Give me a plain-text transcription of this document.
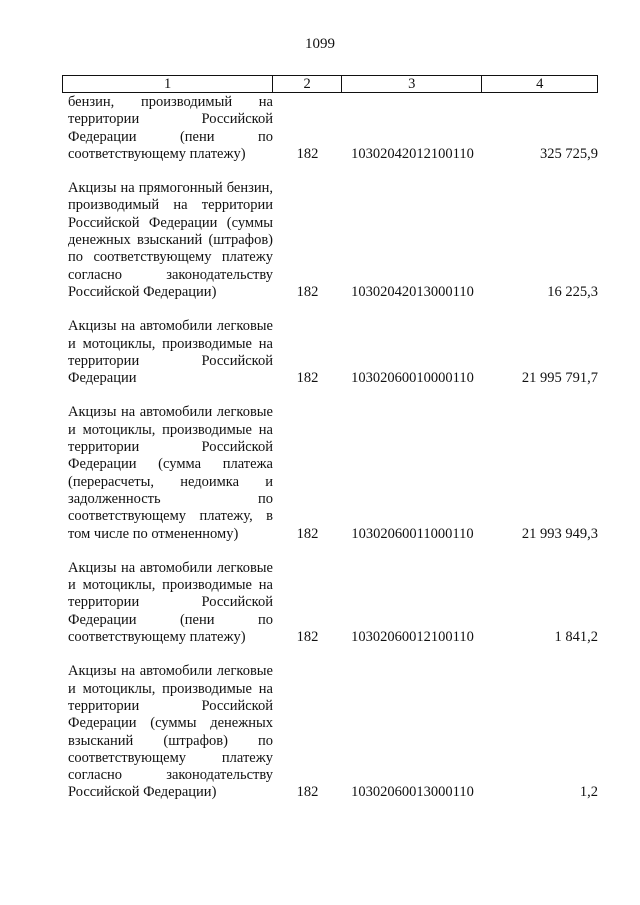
1099
1	2	3	4
бензин, производимый на территории Российской Федерации (пени по соответствующему платежу)	182	10302042012100110	325 725,9
Акцизы на прямогонный бензин, производимый на территории Российской Федерации (суммы денежных взысканий (штрафов) по соответствующему платежу согласно законодательству Российской Федерации)	182	10302042013000110	16 225,3
Акцизы на автомобили легковые и мотоциклы, производимые на территории Российской Федерации	182	10302060010000110	21 995 791,7
Акцизы на автомобили легковые и мотоциклы, производимые на территории Российской Федерации (сумма платежа (перерасчеты, недоимка и задолженность по соответствующему платежу, в том числе по отмененному)	182	10302060011000110	21 993 949,3
Акцизы на автомобили легковые и мотоциклы, производимые на территории Российской Федерации (пени по соответствующему платежу)	182	10302060012100110	1 841,2
Акцизы на автомобили легковые и мотоциклы, производимые на территории Российской Федерации (суммы денежных взысканий (штрафов) по соответствующему платежу согласно законодательству Российской Федерации)	182	10302060013000110	1,2
